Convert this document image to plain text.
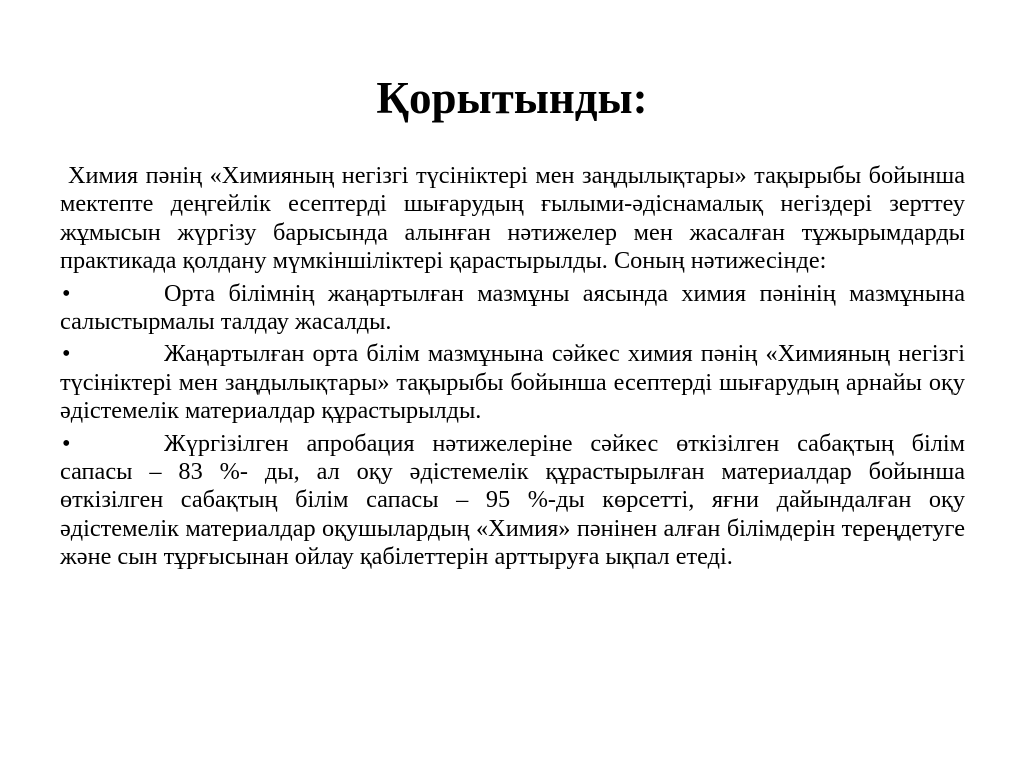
Қорытынды:

Химия пәнің «Химияның негізгі түсініктері мен заңдылықтары» тақырыбы бойынша мектепте деңгейлік есептерді шығарудың ғылыми-әдіснамалық негіздері зерттеу жұмысын жүргізу барысында алынған нәтижелер мен жасалған тұжырымдарды практикада қолдану мүмкіншіліктері қарастырылды. Соның нәтижесінде:

•	Орта білімнің жаңартылған мазмұны аясында химия пәнінің мазмұнына салыстырмалы талдау жасалды.

•	Жаңартылған орта білім мазмұнына сәйкес химия пәнің «Химияның негізгі түсініктері мен заңдылықтары» тақырыбы бойынша есептерді шығарудың арнайы оқу әдістемелік материалдар құрастырылды.

•	Жүргізілген апробация нәтижелеріне сәйкес өткізілген сабақтың білім сапасы – 83 %- ды, ал оқу әдістемелік құрастырылған материалдар бойынша өткізілген сабақтың білім сапасы – 95 %-ды көрсетті, яғни дайындалған оқу әдістемелік материалдар оқушылардың «Химия» пәнінен алған білімдерін тереңдетуге және сын тұрғысынан ойлау қабілеттерін арттыруға ықпал етеді.
